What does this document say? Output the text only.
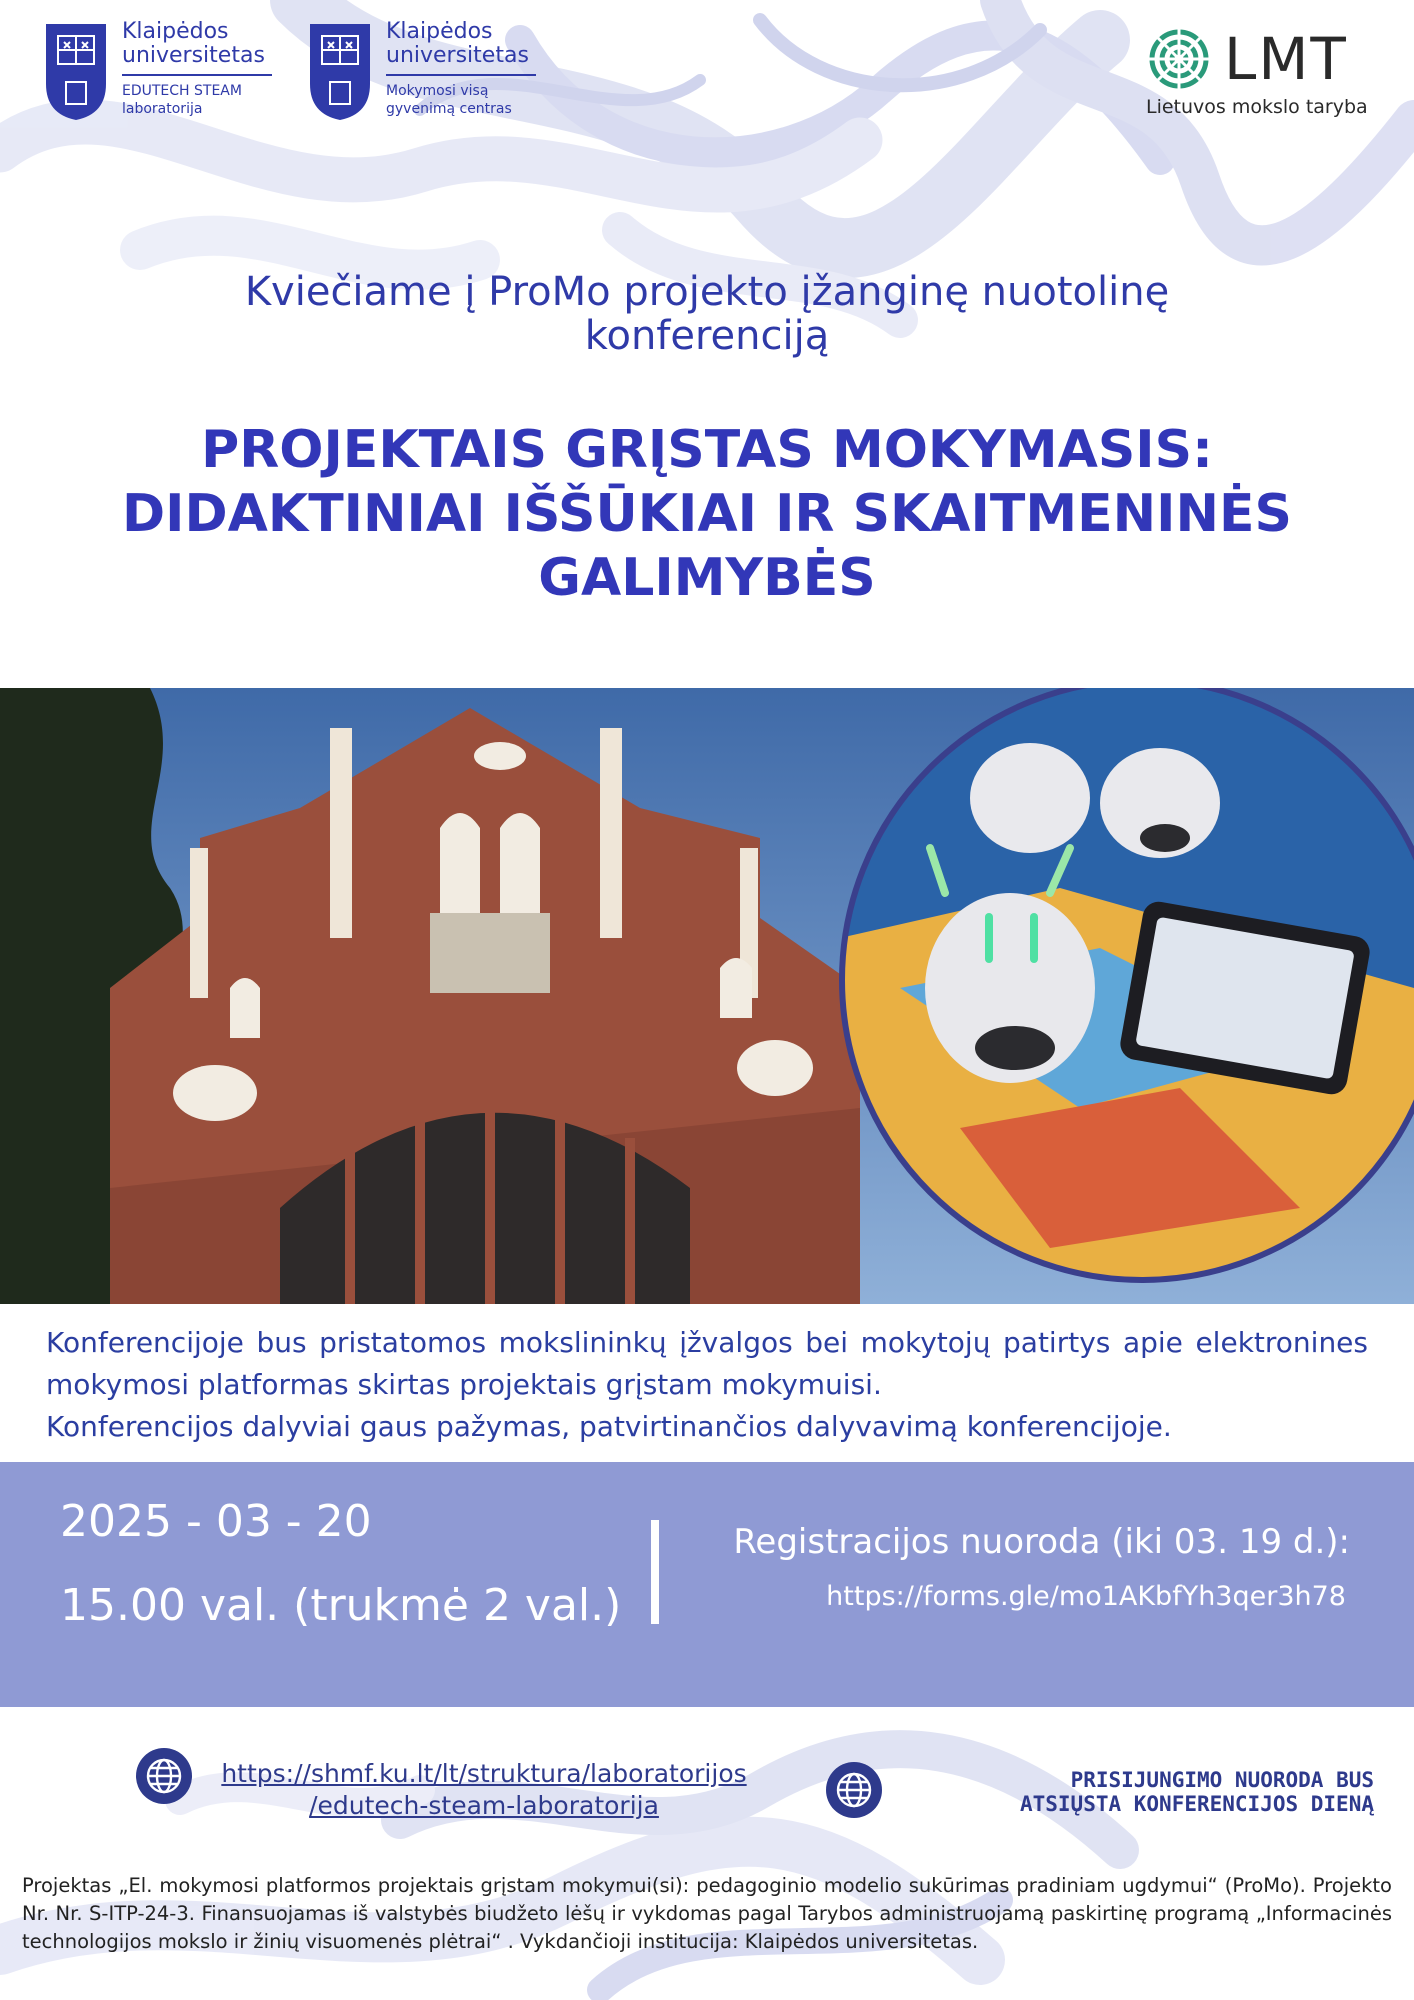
Klaipėdos
universitetas
EDUTECH STEAM
laboratorija
Klaipėdos
universitetas
Mokymosi visą
gyvenimą centras
LMT
Lietuvos mokslo taryba
Kviečiame į ProMo projekto įžanginę nuotolinę
konferenciją
PROJEKTAIS GRĮSTAS MOKYMASIS:
DIDAKTINIAI IŠŠŪKIAI IR SKAITMENINĖS
GALIMYBĖS
Konferencijoje bus pristatomos mokslininkų įžvalgos bei mokytojų patirtys apie elektronines mokymosi platformas skirtas projektais grįstam mokymuisi.
Konferencijos dalyviai gaus pažymas, patvirtinančios dalyvavimą konferencijoje.
2025 - 03 - 20
15.00 val. (trukmė 2 val.)
Registracijos nuoroda (iki 03. 19 d.):
https://forms.gle/mo1AKbfYh3qer3h78
https://shmf.ku.lt/lt/struktura/laboratorijos
/edutech-steam-laboratorija
PRISIJUNGIMO NUORODA BUS
ATSIŲSTA KONFERENCIJOS DIENĄ
Projektas „El. mokymosi platformos projektais grįstam mokymui(si): pedagoginio modelio sukūrimas pradiniam ugdymui“ (ProMo). Projekto Nr. Nr. S-ITP-24-3. Finansuojamas iš valstybės biudžeto lėšų ir vykdomas pagal Tarybos administruojamą paskirtinę programą „Informacinės technologijos mokslo ir žinių visuomenės plėtrai“ . Vykdančioji institucija: Klaipėdos universitetas.
